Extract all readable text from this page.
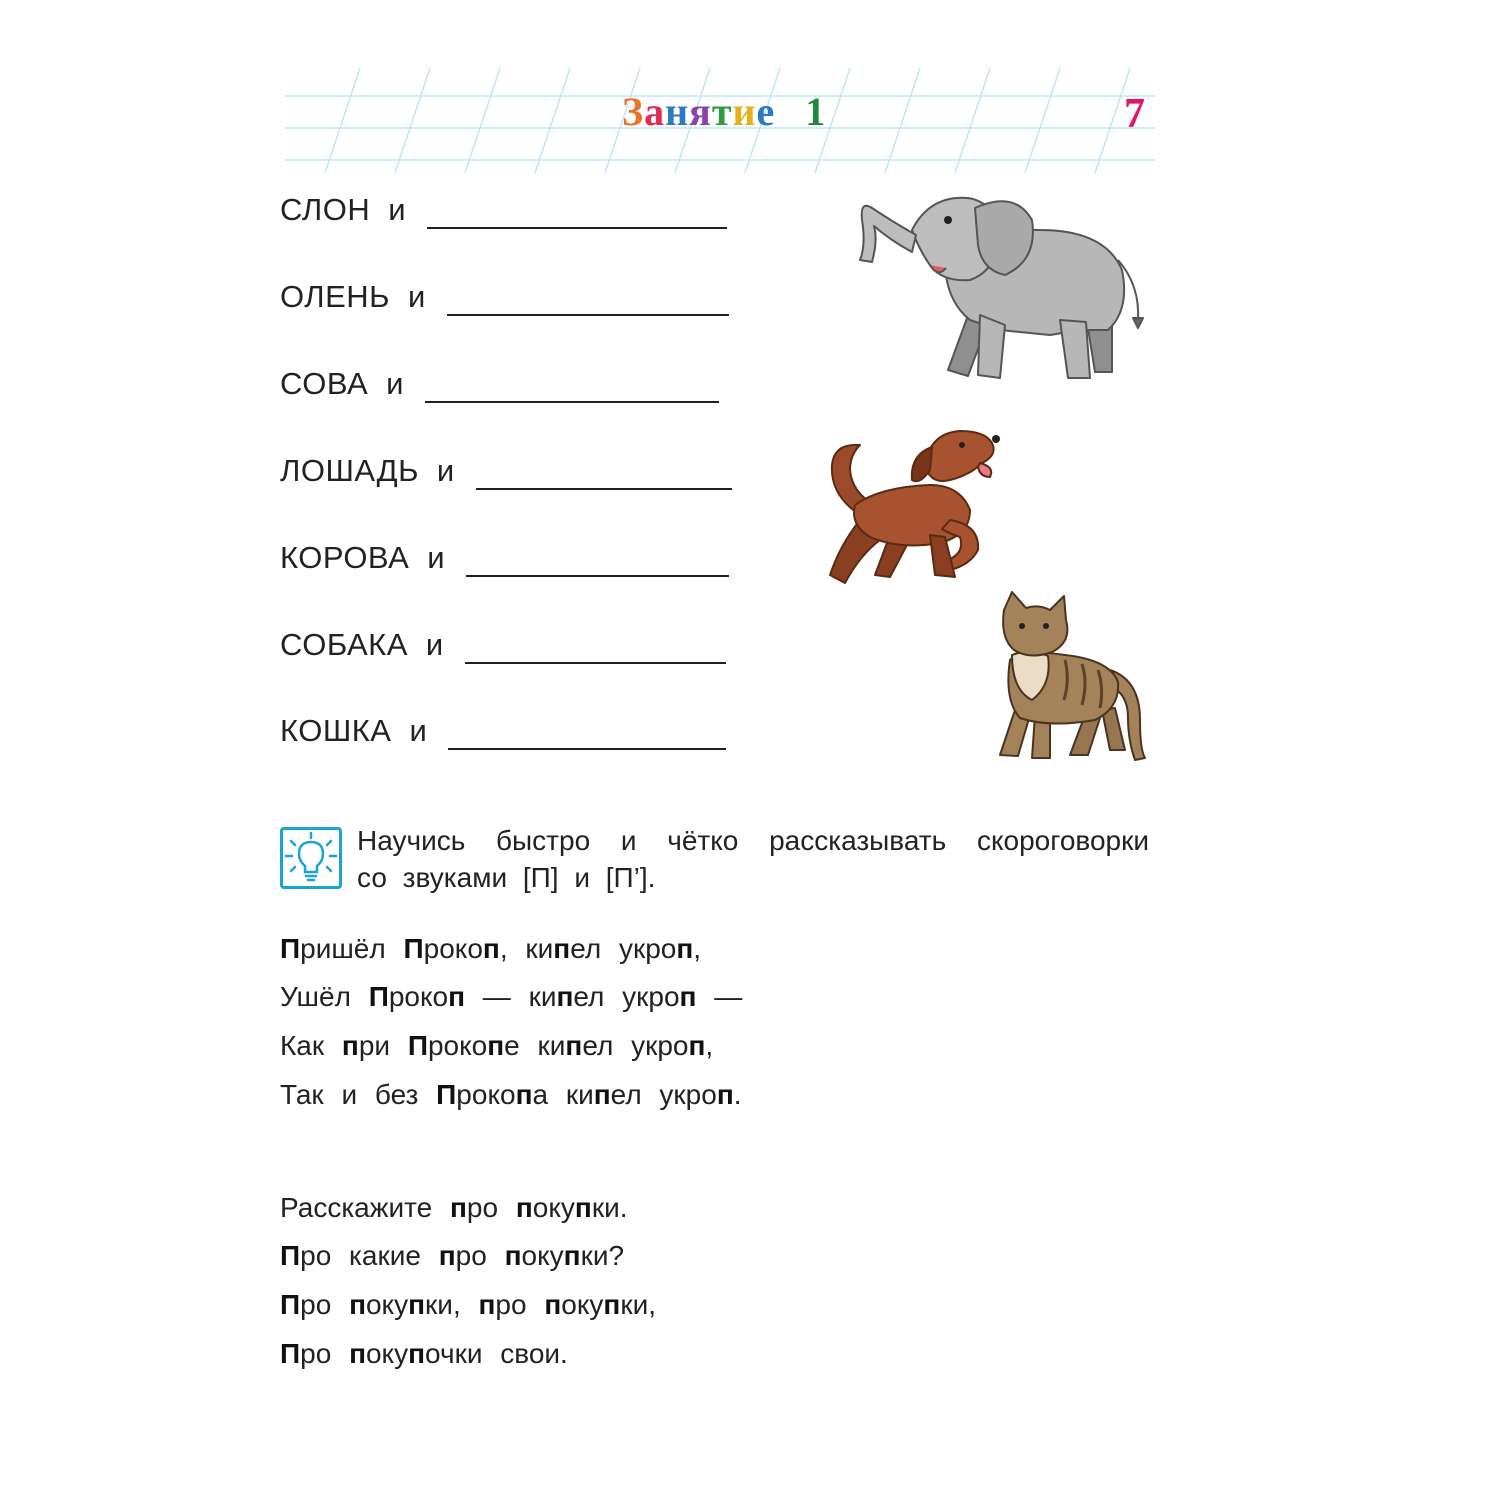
Занятие 1	7
СЛОН и
ОЛЕНЬ и
СОВА и
ЛОШАДЬ и
КОРОВА и
СОБАКА и
КОШКА и
Научись быстро и чётко рассказывать скороговорки
со звуками [П] и [П’].
Пришёл Прокоп, кипел укроп,
Ушёл Прокоп — кипел укроп —
Как при Прокопе кипел укроп,
Так и без Прокопа кипел укроп.
Расскажите про покупки.
Про какие про покупки?
Про покупки, про покупки,
Про покупочки свои.
